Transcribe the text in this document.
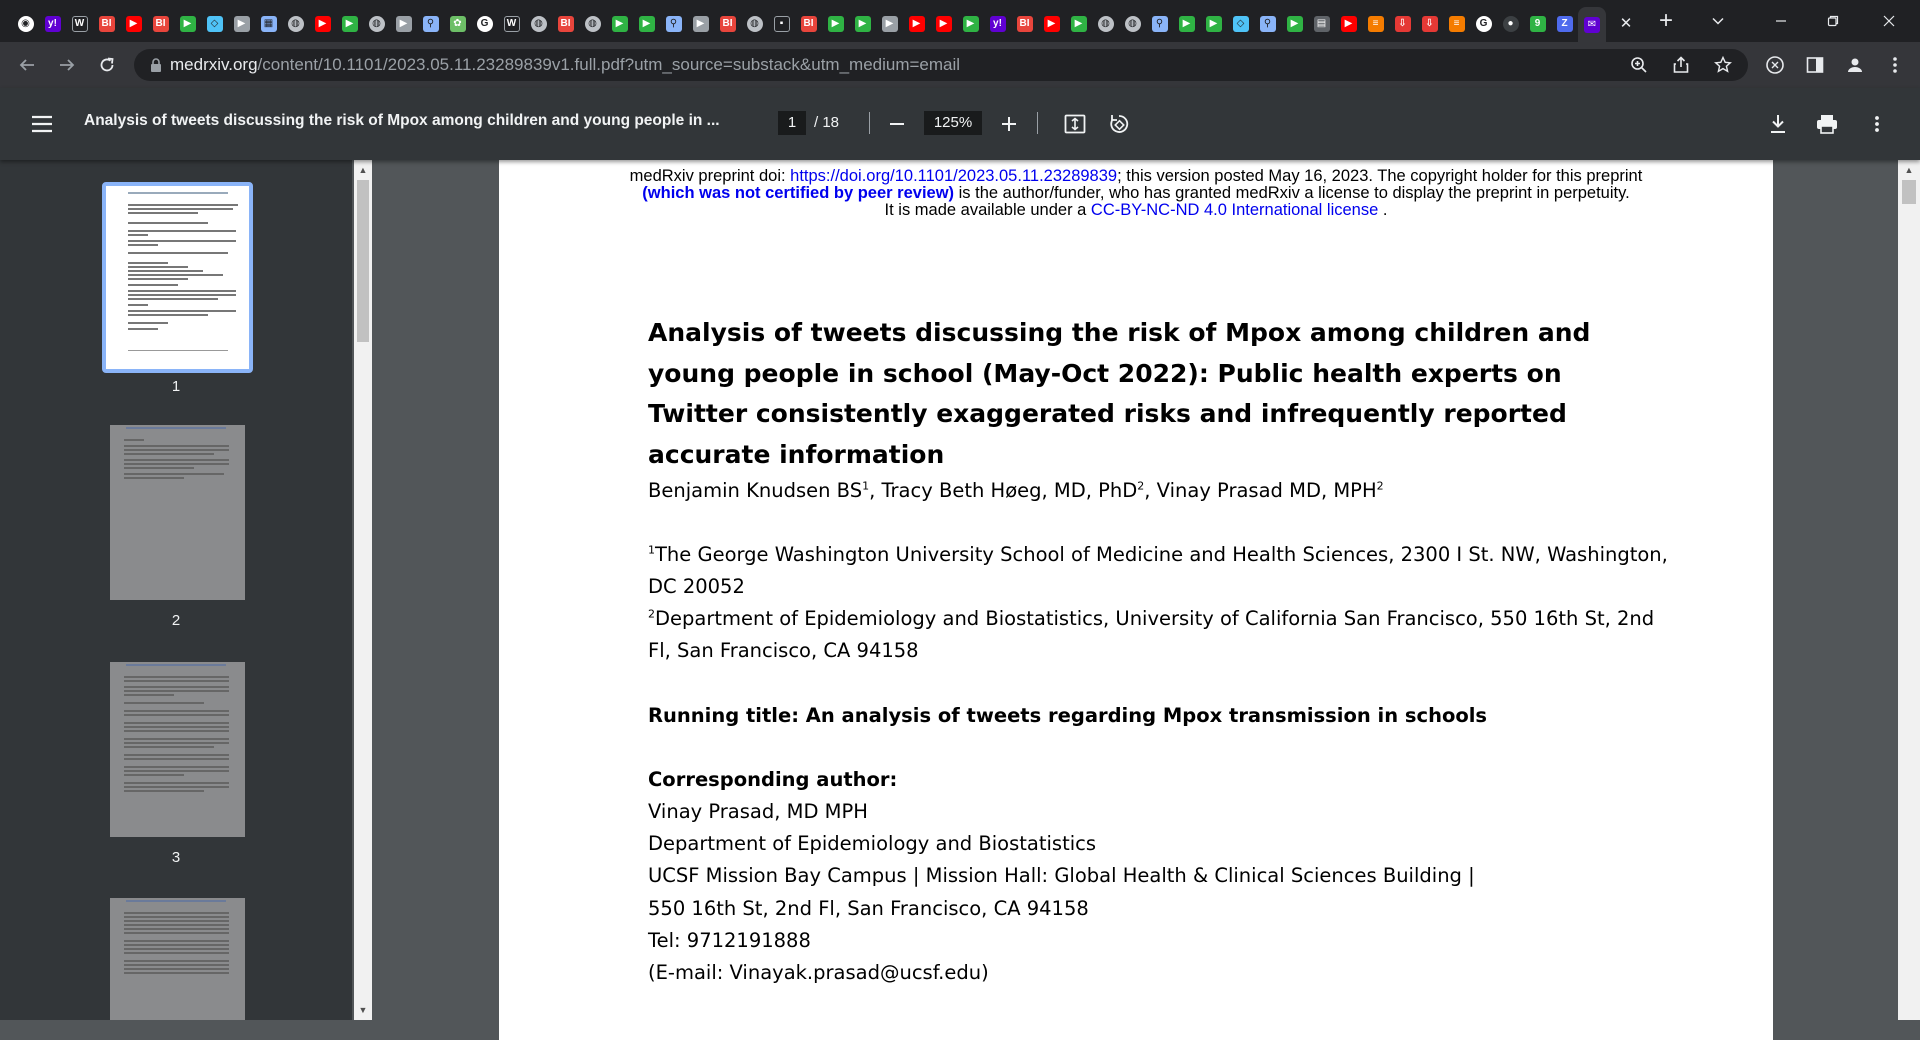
◉	y!	W	BI	▶	BI	▶	◇	▶	▦	◍	▶	▶	◍	▶	⚲	✿	G	W	◍	BI	◍	▶	▶	⚲	▶	BI	◍	▪	BI	▶	▶	▶	▶	▶	▶	y!	BI	▶	▶	◍	◍	⚲	▶	▶	◇	⚲	▶	▤	▶	≡	⇩	⇩	≡	G	●	9	Z	✉	✕	+
medrxiv.org/content/10.1101/2023.05.11.23289839v1.full.pdf?utm_source=substack&utm_medium=email
Analysis of tweets discussing the risk of Mpox among children and young people in ...	1	/ 18	125%
1
2
3
▲
▼
medRxiv preprint doi: https://doi.org/10.1101/2023.05.11.23289839; this version posted May 16, 2023. The copyright holder for this preprint
(which was not certified by peer review) is the author/funder, who has granted medRxiv a license to display the preprint in perpetuity.
It is made available under a CC-BY-NC-ND 4.0 International license .
Analysis of tweets discussing the risk of Mpox among children and young people in school (May-Oct 2022): Public health experts on Twitter consistently exaggerated risks and infrequently reported accurate information
Benjamin Knudsen $BS^1$, Tracy Beth Høeg, MD, PhD$^2$, Vinay Prasad MD, MPH$^2$
$^1$The George Washington University School of Medicine and Health Sciences, 2300 I St. NW, Washington,
DC 20052
$^2$Department of Epidemiology and Biostatistics, University of California San Francisco, 550 16th St, 2nd
Fl, San Francisco, CA 94158
Running title: An analysis of tweets regarding Mpox transmission in schools
Corresponding author:
Vinay Prasad, MD MPH
Department of Epidemiology and Biostatistics
UCSF Mission Bay Campus | Mission Hall: Global Health & Clinical Sciences Building |
550 16th St, 2nd Fl, San Francisco, CA 94158
Tel: 9712191888
(E-mail: Vinayak.prasad@ucsf.edu)
▲
